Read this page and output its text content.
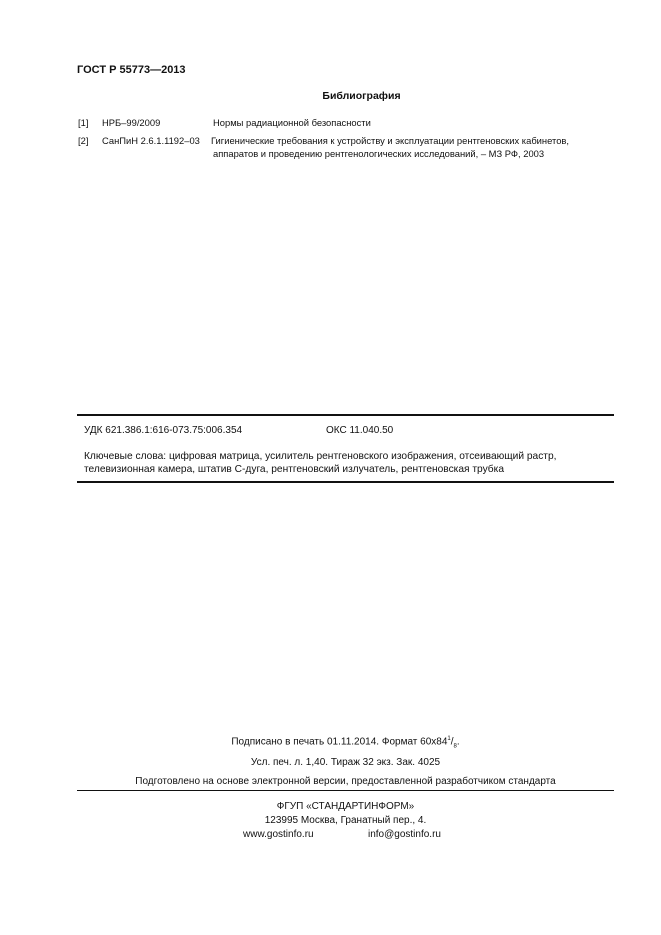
ГОСТ Р 55773—2013
Библиография
[1] НРБ–99/2009	Нормы радиационной безопасности
[2] СанПиН 2.6.1.1192–03 Гигиенические требования к устройству и эксплуатации рентгеновских кабинетов,
аппаратов и проведению рентгенологических исследований, – МЗ РФ, 2003
УДК 621.386.1:616-073.75:006.354	ОКС 11.040.50
Ключевые слова: цифровая матрица, усилитель рентгеновского изображения, отсеивающий растр, телевизионная камера, штатив С-дуга, рентгеновский излучатель, рентгеновская трубка
Подписано в печать 01.11.2014. Формат $60х84^1/_8$.
Усл. печ. л. 1,40. Тираж 32 экз. Зак. 4025
Подготовлено на основе электронной версии, предоставленной разработчиком стандарта
ФГУП «СТАНДАРТИНФОРМ»
123995 Москва, Гранатный пер., 4.
www.gostinfo.ru	info@gostinfo.ru
